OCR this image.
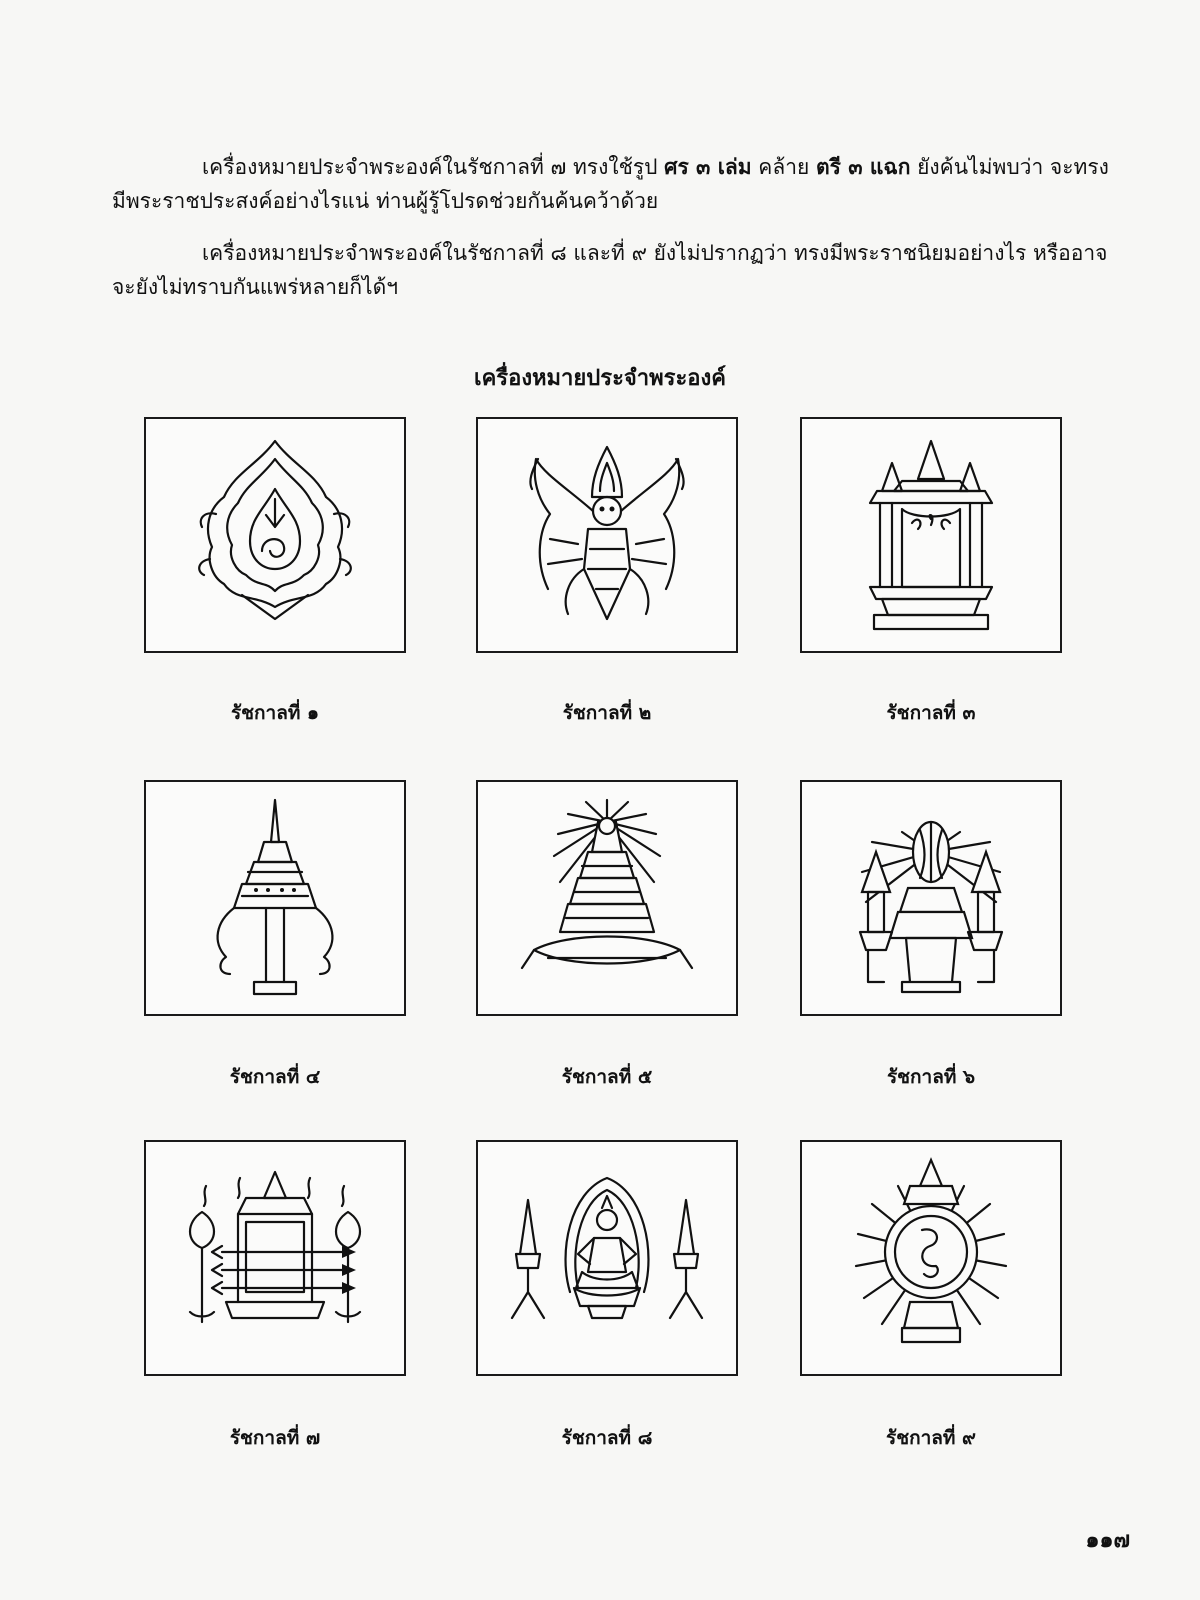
เครื่องหมายประจำพระองค์ในรัชกาลที่ ๗ ทรงใช้รูป ศร ๓ เล่ม คล้าย ตรี ๓ แฉก ยังค้นไม่พบว่า จะทรงมีพระราชประสงค์อย่างไรแน่ ท่านผู้รู้โปรดช่วยกันค้นคว้าด้วย

เครื่องหมายประจำพระองค์ในรัชกาลที่ ๘ และที่ ๙ ยังไม่ปรากฏว่า ทรงมีพระราชนิยมอย่างไร หรืออาจจะยังไม่ทราบกันแพร่หลายก็ได้ฯ

เครื่องหมายประจำพระองค์
รัชกาลที่ ๑	รัชกาลที่ ๒	รัชกาลที่ ๓
รัชกาลที่ ๔	รัชกาลที่ ๕	รัชกาลที่ ๖
รัชกาลที่ ๗	รัชกาลที่ ๘	รัชกาลที่ ๙
๑๑๗
